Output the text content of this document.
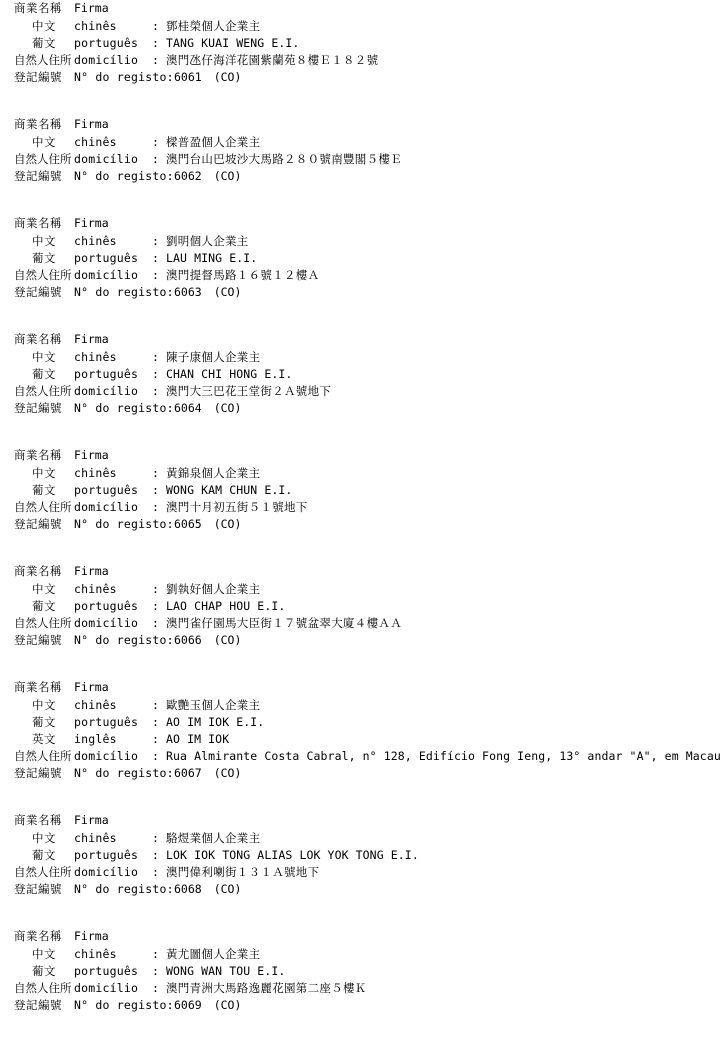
商業名稱	Firma
中文	chinês	: 鄧桂榮個人企業主
葡文	português	: TANG KUAI WENG E.I.
自然人住所 domicílio	: 澳門氹仔海洋花園紫蘭苑８樓Ｅ１８２號
登記編號	N° do registo: 6061	(CO)
商業名稱	Firma
中文	chinês	: 樑普盈個人企業主
自然人住所 domicílio	: 澳門台山巴坡沙大馬路２８０號南豐閣５樓Ｅ
登記編號	N° do registo: 6062	(CO)
商業名稱	Firma
中文	chinês	: 劉明個人企業主
葡文	português	: LAU MING E.I.
自然人住所 domicílio	: 澳門提督馬路１６號１２樓Ａ
登記編號	N° do registo: 6063	(CO)
商業名稱	Firma
中文	chinês	: 陳子康個人企業主
葡文	português	: CHAN CHI HONG E.I.
自然人住所 domicílio	: 澳門大三巴花王堂街２Ａ號地下
登記編號	N° do registo: 6064	(CO)
商業名稱	Firma
中文	chinês	: 黃錦泉個人企業主
葡文	português	: WONG KAM CHUN E.I.
自然人住所 domicílio	: 澳門十月初五街５１號地下
登記編號	N° do registo: 6065	(CO)
商業名稱	Firma
中文	chinês	: 劉執好個人企業主
葡文	português	: LAO CHAP HOU E.I.
自然人住所 domicílio	: 澳門雀仔園馬大臣街１７號盆翠大廈４樓ＡＡ
登記編號	N° do registo: 6066	(CO)
商業名稱	Firma
中文	chinês	: 歐艷玉個人企業主
葡文	português	: AO IM IOK E.I.
英文	inglês	: AO IM IOK
自然人住所 domicílio	: Rua Almirante Costa Cabral, n° 128, Edifício Fong Ieng, 13° andar "A", em Macau
登記編號	N° do registo: 6067	(CO)
商業名稱	Firma
中文	chinês	: 駱煜業個人企業主
葡文	português	: LOK IOK TONG ALIAS LOK YOK TONG E.I.
自然人住所 domicílio	: 澳門偉利喇街１３１Ａ號地下
登記編號	N° do registo: 6068	(CO)
商業名稱	Firma
中文	chinês	: 黃尤圖個人企業主
葡文	português	: WONG WAN TOU E.I.
自然人住所 domicílio	: 澳門青洲大馬路逸麗花園第二座５樓Ｋ
登記編號	N° do registo: 6069	(CO)
